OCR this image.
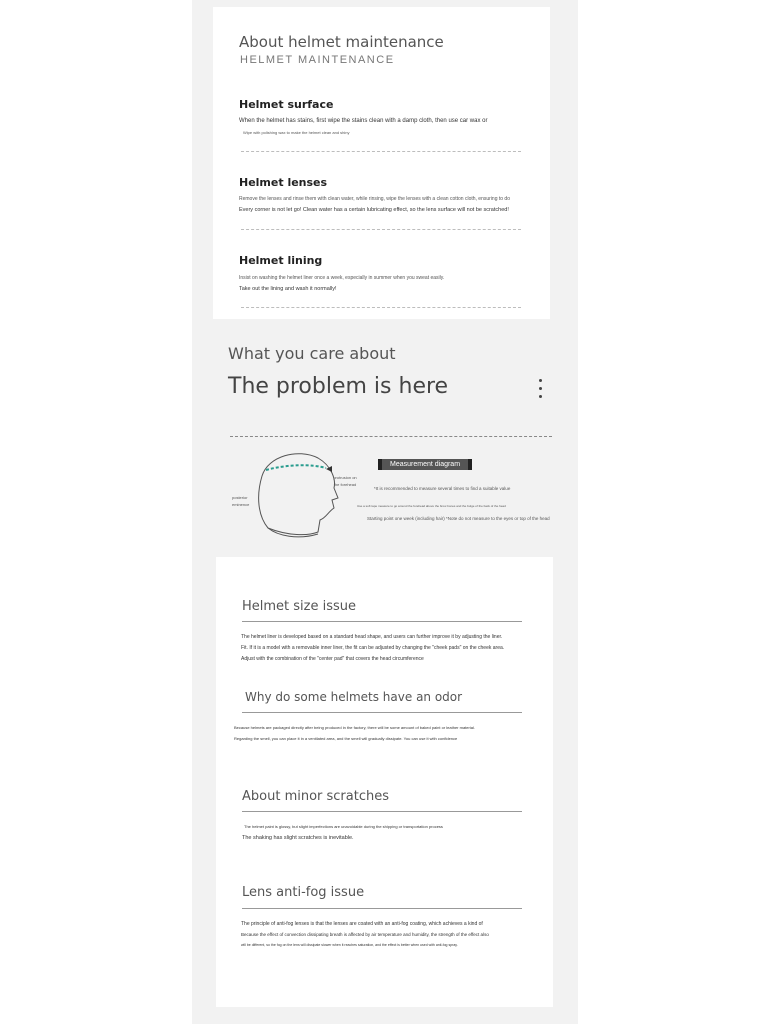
About helmet maintenance
HELMET MAINTENANCE
Helmet surface
When the helmet has stains, first wipe the stains clean with a damp cloth, then use car wax or
Wipe with polishing wax to make the helmet clean and shiny
Helmet lenses
Remove the lenses and rinse them with clean water, while rinsing, wipe the lenses with a clean cotton cloth, ensuring to do
Every corner is not let go! Clean water has a certain lubricating effect, so the lens surface will not be scratched!
Helmet lining
Insist on washing the helmet liner once a week, especially in summer when you sweat easily.
Take out the lining and wash it normally!
What you care about
The problem is here
protrusion on the forehead
posterior eminence
Measurement diagram
*It is recommended to measure several times to find a suitable value
Use a soft tape measure to go around the forehead above the brow bones and the bulge of the back of the head
Starting point one week (including hair) *Note do not measure to the eyes or top of the head
Helmet size issue
The helmet liner is developed based on a standard head shape, and users can further improve it by adjusting the liner.
Fit. If it is a model with a removable inner liner, the fit can be adjusted by changing the "cheek pads" on the cheek area.
Adjust with the combination of the "center pad" that covers the head circumference
Why do some helmets have an odor
Because helmets are packaged directly after being produced in the factory, there will be some amount of baked paint or leather material.
Regarding the smell, you can place it in a ventilated area, and the smell will gradually dissipate. You can use it with confidence
About minor scratches
The helmet paint is glossy, but slight imperfections are unavoidable during the shipping or transportation process
The shaking has slight scratches is inevitable.
Lens anti-fog issue
The principle of anti-fog lenses is that the lenses are coated with an anti-fog coating, which achieves a kind of
Because the effect of convection dissipating breath is affected by air temperature and humidity, the strength of the effect also
will be different, so the fog on the lens will dissipate slower when it reaches saturation, and the effect is better when used with anti-fog spray.
